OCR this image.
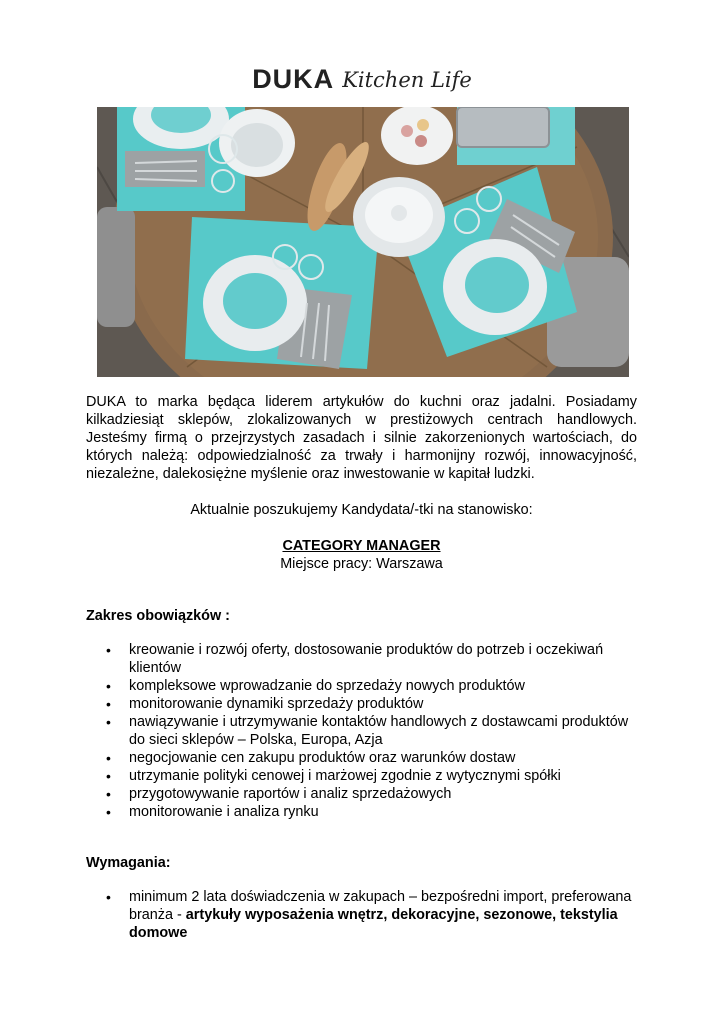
DUKA Kitchen Life
DUKA to marka będąca liderem artykułów do kuchni oraz jadalni. Posiadamy kilkadziesiąt sklepów, zlokalizowanych w prestiżowych centrach handlowych. Jesteśmy firmą o przejrzystych zasadach i silnie zakorzenionych wartościach, do których należą: odpowiedzialność za trwały i harmonijny rozwój, innowacyjność, niezależne, dalekosiężne myślenie oraz inwestowanie w kapitał ludzki.
Aktualnie poszukujemy Kandydata/-tki na stanowisko:
CATEGORY MANAGER
Miejsce pracy: Warszawa
Zakres obowiązków :
• kreowanie i rozwój oferty, dostosowanie produktów do potrzeb i oczekiwań klientów
• kompleksowe wprowadzanie do sprzedaży nowych produktów
• monitorowanie dynamiki sprzedaży produktów
• nawiązywanie i utrzymywanie kontaktów handlowych z dostawcami produktów do sieci sklepów – Polska, Europa, Azja
• negocjowanie cen zakupu produktów oraz warunków dostaw
• utrzymanie polityki cenowej i marżowej zgodnie z wytycznymi spółki
• przygotowywanie raportów i analiz sprzedażowych
• monitorowanie i analiza rynku
Wymagania:
• minimum 2 lata doświadczenia w zakupach – bezpośredni import, preferowana branża - artykuły wyposażenia wnętrz, dekoracyjne, sezonowe, tekstylia domowe
